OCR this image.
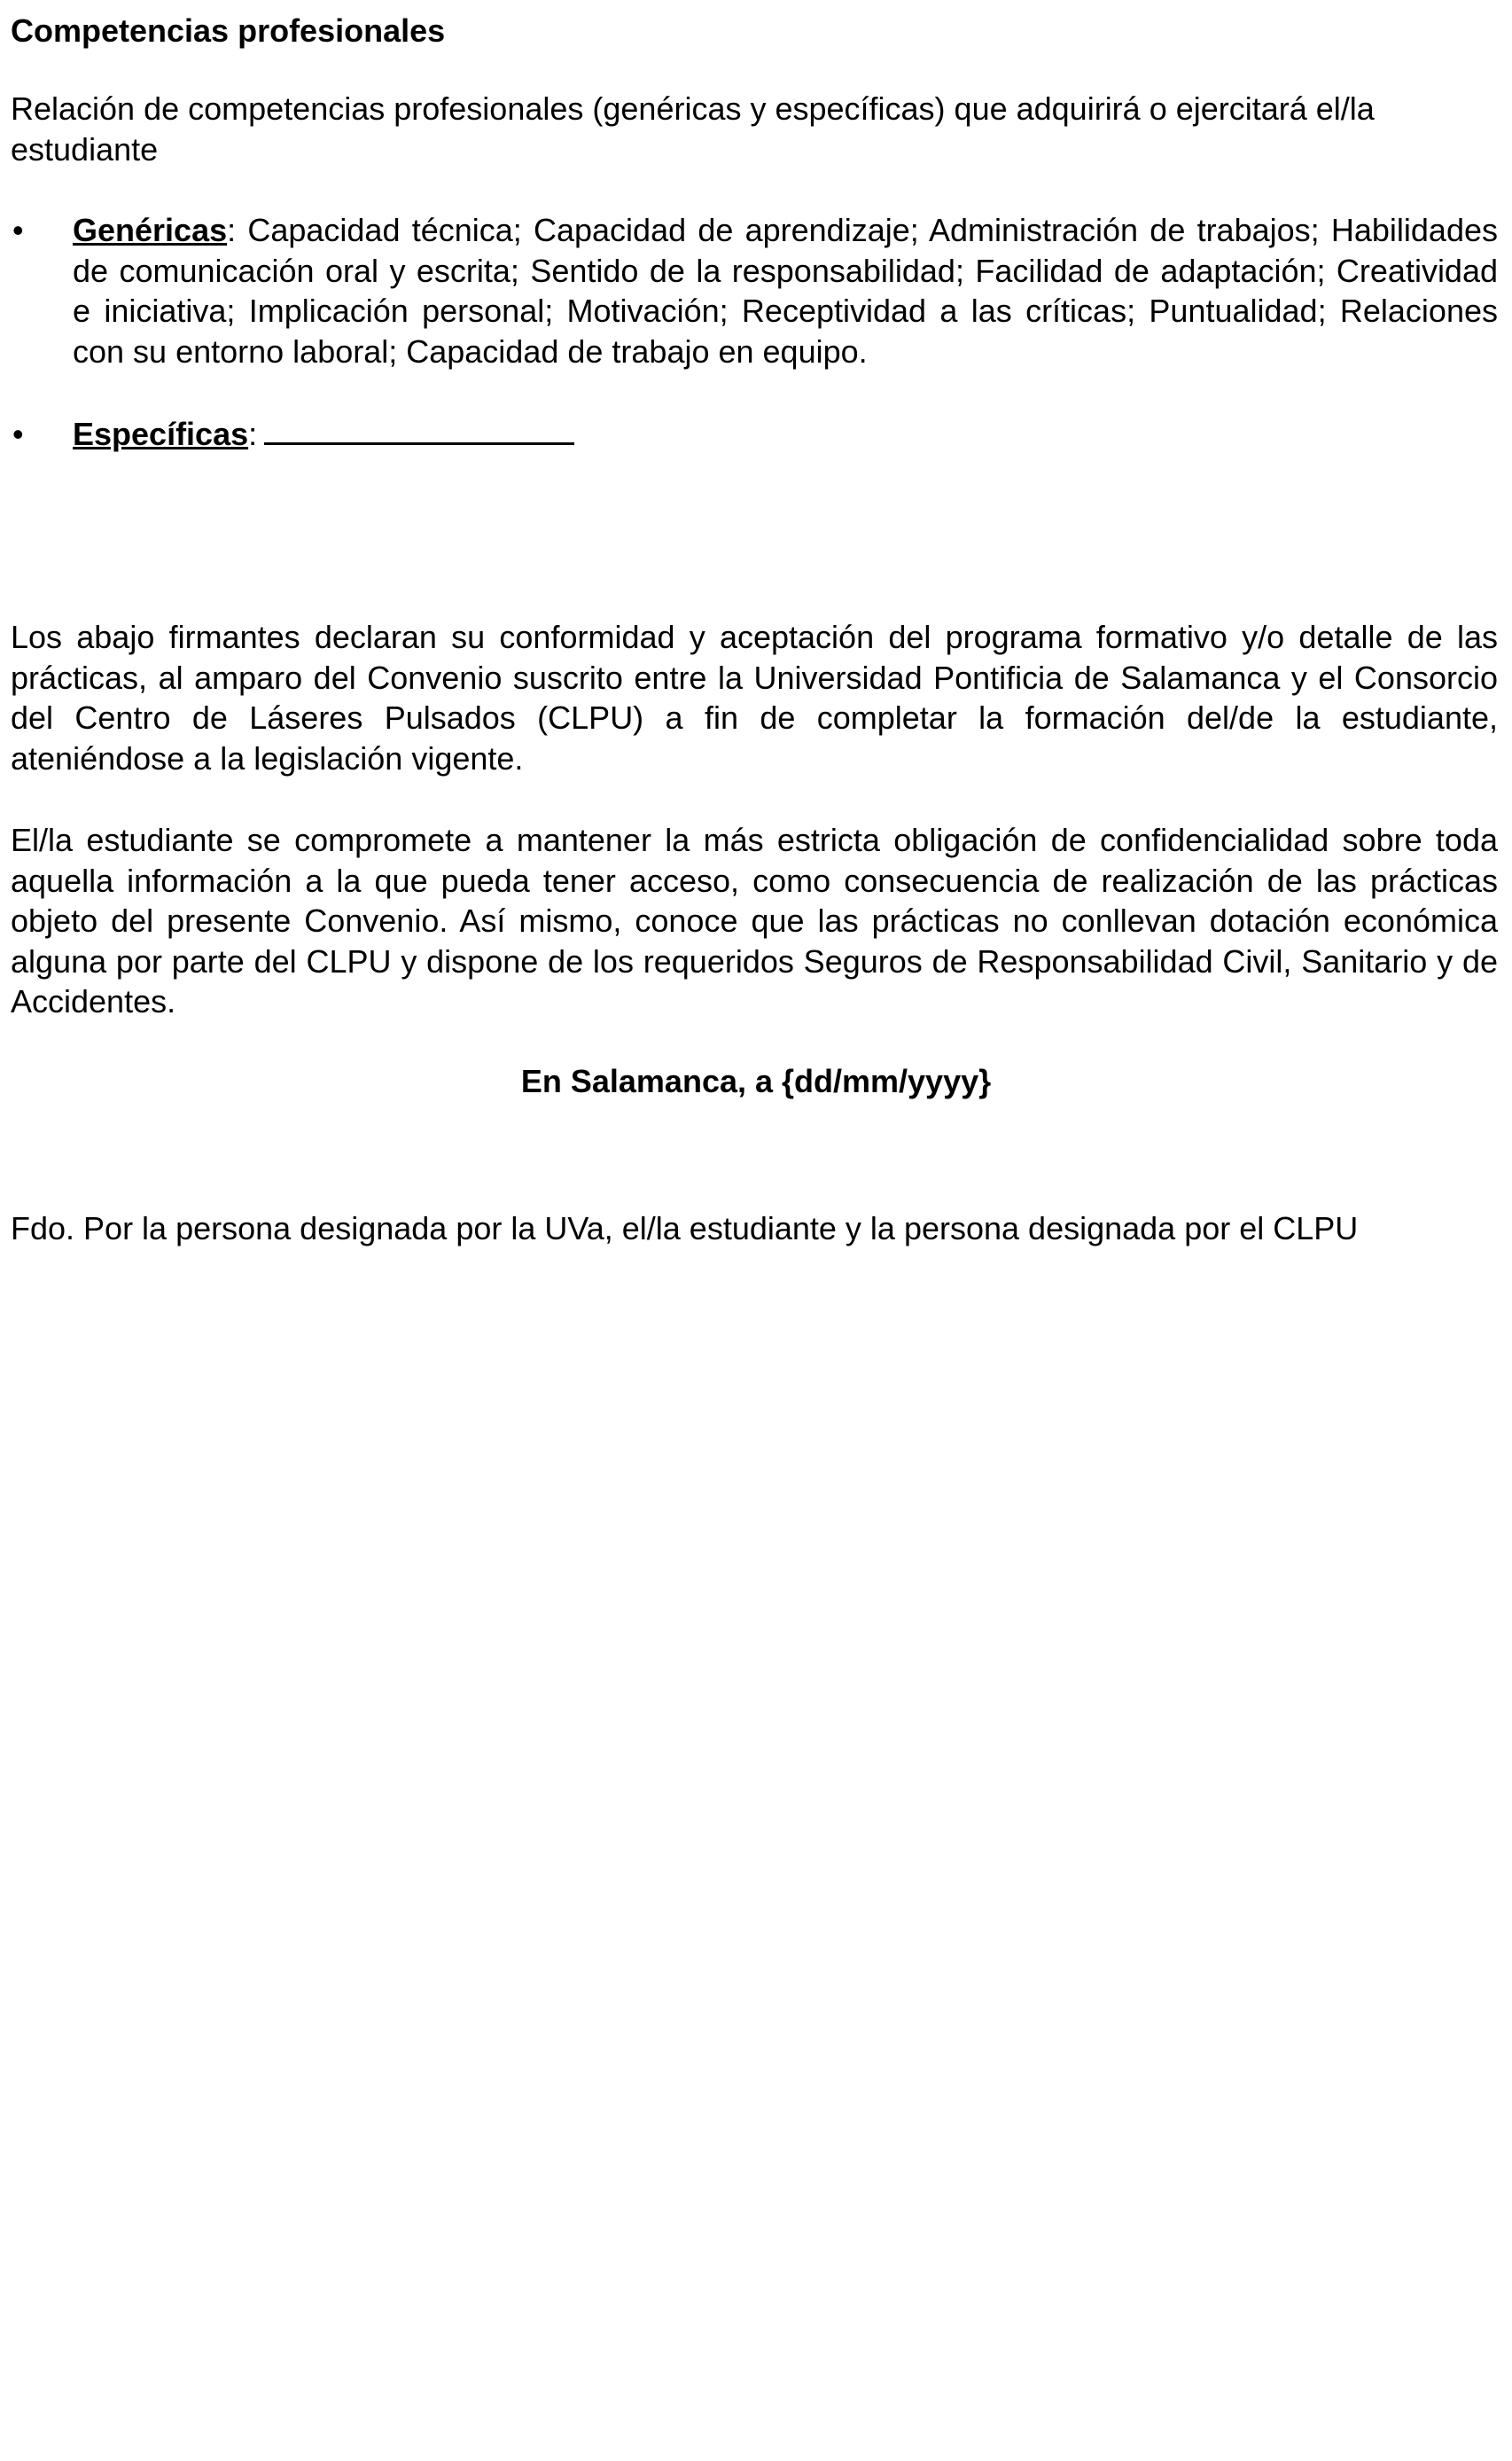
Competencias profesionales

Relación de competencias profesionales (genéricas y específicas) que adquirirá o ejercitará el/la estudiante

• Genéricas: Capacidad técnica; Capacidad de aprendizaje; Administración de trabajos; Habilidades de comunicación oral y escrita; Sentido de la responsabilidad; Facilidad de adaptación; Creatividad e iniciativa; Implicación personal; Motivación; Receptividad a las críticas; Puntualidad; Relaciones con su entorno laboral; Capacidad de trabajo en equipo.

• Específicas:

Los abajo firmantes declaran su conformidad y aceptación del programa formativo y/o detalle de las prácticas, al amparo del Convenio suscrito entre la Universidad Pontificia de Salamanca y el Consorcio del Centro de Láseres Pulsados (CLPU) a fin de completar la formación del/de la estudiante, ateniéndose a la legislación vigente.

El/la estudiante se compromete a mantener la más estricta obligación de confidencialidad sobre toda aquella información a la que pueda tener acceso, como consecuencia de realización de las prácticas objeto del presente Convenio. Así mismo, conoce que las prácticas no conllevan dotación económica alguna por parte del CLPU y dispone de los requeridos Seguros de Responsabilidad Civil, Sanitario y de Accidentes.

En Salamanca, a {dd/mm/yyyy}

Fdo. Por la persona designada por la UVa, el/la estudiante y la persona designada por el CLPU
